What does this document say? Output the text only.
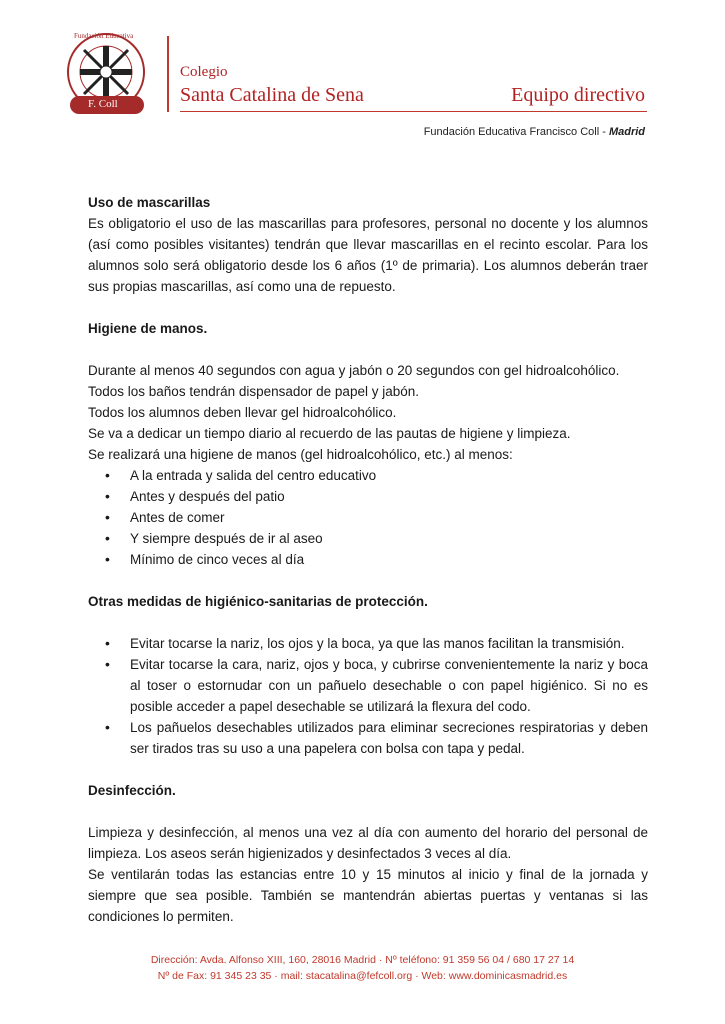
Fundación Educativa
F. Coll
Colegio
Santa Catalina de Sena	Equipo directivo
Fundación Educativa Francisco Coll - Madrid

Uso de mascarillas

Es obligatorio el uso de las mascarillas para profesores, personal no docente y los alumnos (así como posibles visitantes) tendrán que llevar mascarillas en el recinto escolar. Para los alumnos solo será obligatorio desde los 6 años (1º de primaria). Los alumnos deberán traer sus propias mascarillas, así como una de repuesto.

Higiene de manos.

Durante al menos 40 segundos con agua y jabón o 20 segundos con gel hidroalcohólico.

Todos los baños tendrán dispensador de papel y jabón.

Todos los alumnos deben llevar gel hidroalcohólico.

Se va a dedicar un tiempo diario al recuerdo de las pautas de higiene y limpieza.

Se realizará una higiene de manos (gel hidroalcohólico, etc.) al menos:

• A la entrada y salida del centro educativo
• Antes y después del patio
• Antes de comer
• Y siempre después de ir al aseo
• Mínimo de cinco veces al día

Otras medidas de higiénico-sanitarias de protección.

• Evitar tocarse la nariz, los ojos y la boca, ya que las manos facilitan la transmisión.
• Evitar tocarse la cara, nariz, ojos y boca, y cubrirse convenientemente la nariz y boca al toser o estornudar con un pañuelo desechable o con papel higiénico. Si no es posible acceder a papel desechable se utilizará la flexura del codo.
• Los pañuelos desechables utilizados para eliminar secreciones respiratorias y deben ser tirados tras su uso a una papelera con bolsa con tapa y pedal.

Desinfección.

Limpieza y desinfección, al menos una vez al día con aumento del horario del personal de limpieza. Los aseos serán higienizados y desinfectados 3 veces al día.

Se ventilarán todas las estancias entre 10 y 15 minutos al inicio y final de la jornada y siempre que sea posible. También se mantendrán abiertas puertas y ventanas si las condiciones lo permiten.

Dirección: Avda. Alfonso XIII, 160, 28016 Madrid · Nº teléfono: 91 359 56 04 / 680 17 27 14
Nº de Fax: 91 345 23 35 · mail: stacatalina@fefcoll.org · Web: www.dominicasmadrid.es
